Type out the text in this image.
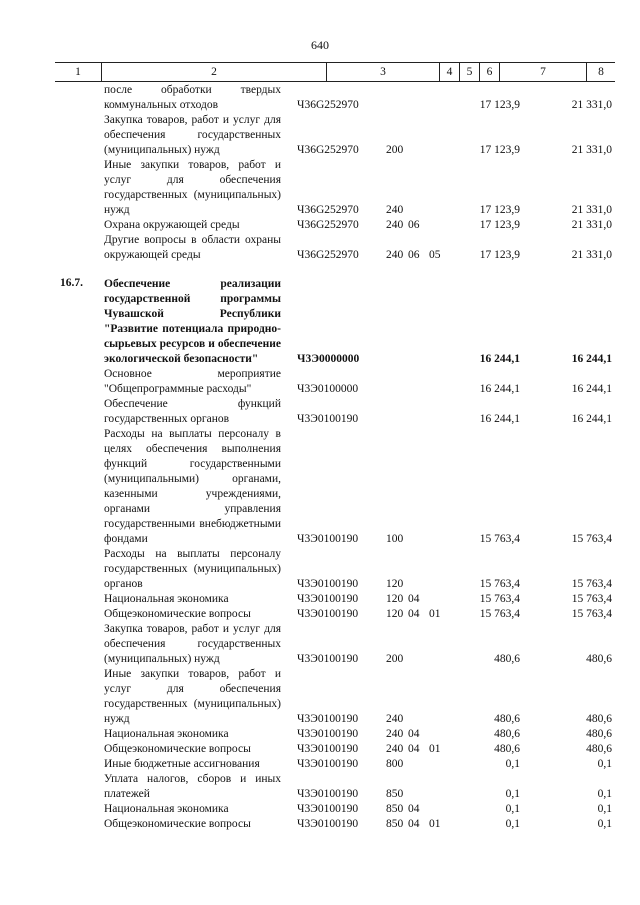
640
1	2	3	4	5	6	7	8
после обработки твердых коммунальных отходов	Ч36G252970	17 123,9	21 331,0
Закупка товаров, работ и услуг для обеспечения государственных (муниципальных) нужд	Ч36G252970 200	17 123,9	21 331,0
Иные закупки товаров, работ и услуг для обеспечения государственных (муниципальных) нужд	Ч36G252970 240	17 123,9	21 331,0
Охрана окружающей среды	Ч36G252970 240 06	17 123,9	21 331,0
Другие вопросы в области охраны окружающей среды	Ч36G252970 240 06 05	17 123,9	21 331,0
16.7.	Обеспечение реализации государственной программы Чувашской Республики "Развитие потенциала природно-сырьевых ресурсов и обеспечение экологической безопасности"	Ч3Э0000000	16 244,1	16 244,1
Основное мероприятие "Общепрограммные расходы"	Ч3Э0100000	16 244,1	16 244,1
Обеспечение функций государственных органов	Ч3Э0100190	16 244,1	16 244,1
Расходы на выплаты персоналу в целях обеспечения выполнения функций государственными (муниципальными) органами, казенными учреждениями, органами управления государственными внебюджетными фондами	Ч3Э0100190 100	15 763,4	15 763,4
Расходы на выплаты персоналу государственных (муниципальных) органов	Ч3Э0100190 120	15 763,4	15 763,4
Национальная экономика	Ч3Э0100190 120 04	15 763,4	15 763,4
Общеэкономические вопросы	Ч3Э0100190 120 04 01	15 763,4	15 763,4
Закупка товаров, работ и услуг для обеспечения государственных (муниципальных) нужд	Ч3Э0100190 200	480,6	480,6
Иные закупки товаров, работ и услуг для обеспечения государственных (муниципальных) нужд	Ч3Э0100190 240	480,6	480,6
Национальная экономика	Ч3Э0100190 240 04	480,6	480,6
Общеэкономические вопросы	Ч3Э0100190 240 04 01	480,6	480,6
Иные бюджетные ассигнования	Ч3Э0100190 800	0,1	0,1
Уплата налогов, сборов и иных платежей	Ч3Э0100190 850	0,1	0,1
Национальная экономика	Ч3Э0100190 850 04	0,1	0,1
Общеэкономические вопросы	Ч3Э0100190 850 04 01	0,1	0,1
